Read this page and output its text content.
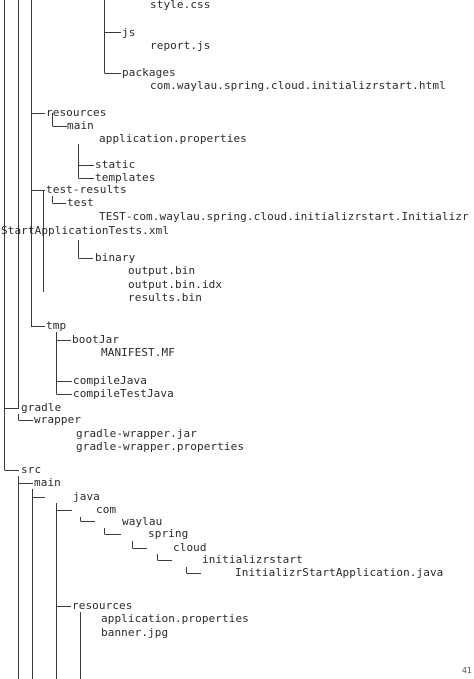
style.css
js
report.js
packages
com.waylau.spring.cloud.initializrstart.html
resources
main
application.properties
static
templates
test-results
test
TEST-com.waylau.spring.cloud.initializrstart.Initializr
StartApplicationTests.xml
binary
output.bin
output.bin.idx
results.bin
tmp
bootJar
MANIFEST.MF
compileJava
compileTestJava
gradle
wrapper
gradle-wrapper.jar
gradle-wrapper.properties
src
main
java
com
waylau
spring
cloud
initializrstart
InitializrStartApplication.java
resources
application.properties
banner.jpg
41
